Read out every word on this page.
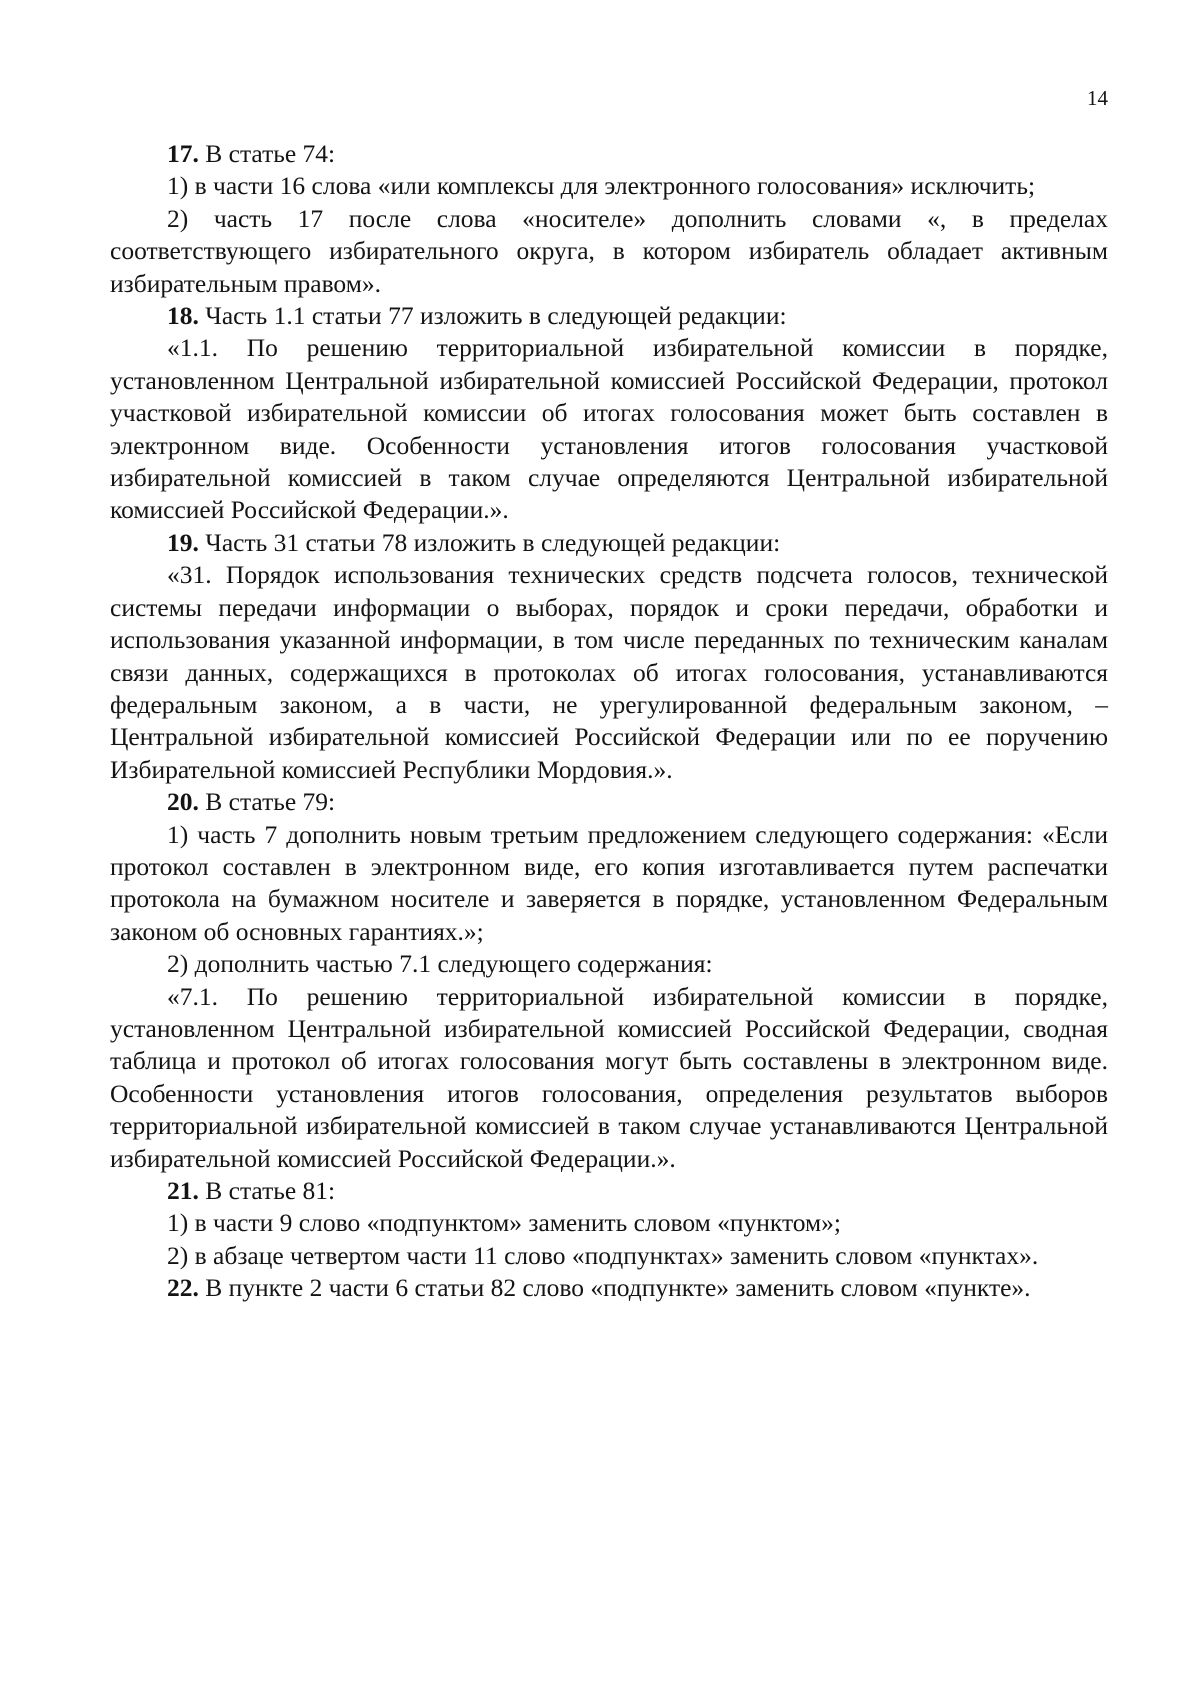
14

17. В статье 74:

1) в части 16 слова «или комплексы для электронного голосования» исключить;

2) часть 17 после слова «носителе» дополнить словами «, в пределах соответствующего избирательного округа, в котором избиратель обладает активным избирательным правом».

18. Часть 1.1 статьи 77 изложить в следующей редакции:

«1.1. По решению территориальной избирательной комиссии в порядке, установленном Центральной избирательной комиссией Российской Федерации, протокол участковой избирательной комиссии об итогах голосования может быть составлен в электронном виде. Особенности установления итогов голосования участковой избирательной комиссией в таком случае определяются Центральной избирательной комиссией Российской Федерации.».

19. Часть 31 статьи 78 изложить в следующей редакции:

«31. Порядок использования технических средств подсчета голосов, технической системы передачи информации о выборах, порядок и сроки передачи, обработки и использования указанной информации, в том числе переданных по техническим каналам связи данных, содержащихся в протоколах об итогах голосования, устанавливаются федеральным законом, а в части, не урегулированной федеральным законом, – Центральной избирательной комиссией Российской Федерации или по ее поручению Избирательной комиссией Республики Мордовия.».

20. В статье 79:

1) часть 7 дополнить новым третьим предложением следующего содержания: «Если протокол составлен в электронном виде, его копия изготавливается путем распечатки протокола на бумажном носителе и заверяется в порядке, установленном Федеральным законом об основных гарантиях.»;

2) дополнить частью 7.1 следующего содержания:

«7.1. По решению территориальной избирательной комиссии в порядке, установленном Центральной избирательной комиссией Российской Федерации, сводная таблица и протокол об итогах голосования могут быть составлены в электронном виде. Особенности установления итогов голосования, определения результатов выборов территориальной избирательной комиссией в таком случае устанавливаются Центральной избирательной комиссией Российской Федерации.».

21. В статье 81:

1) в части 9 слово «подпунктом» заменить словом «пунктом»;

2) в абзаце четвертом части 11 слово «подпунктах» заменить словом «пунктах».

22. В пункте 2 части 6 статьи 82 слово «подпункте» заменить словом «пункте».
